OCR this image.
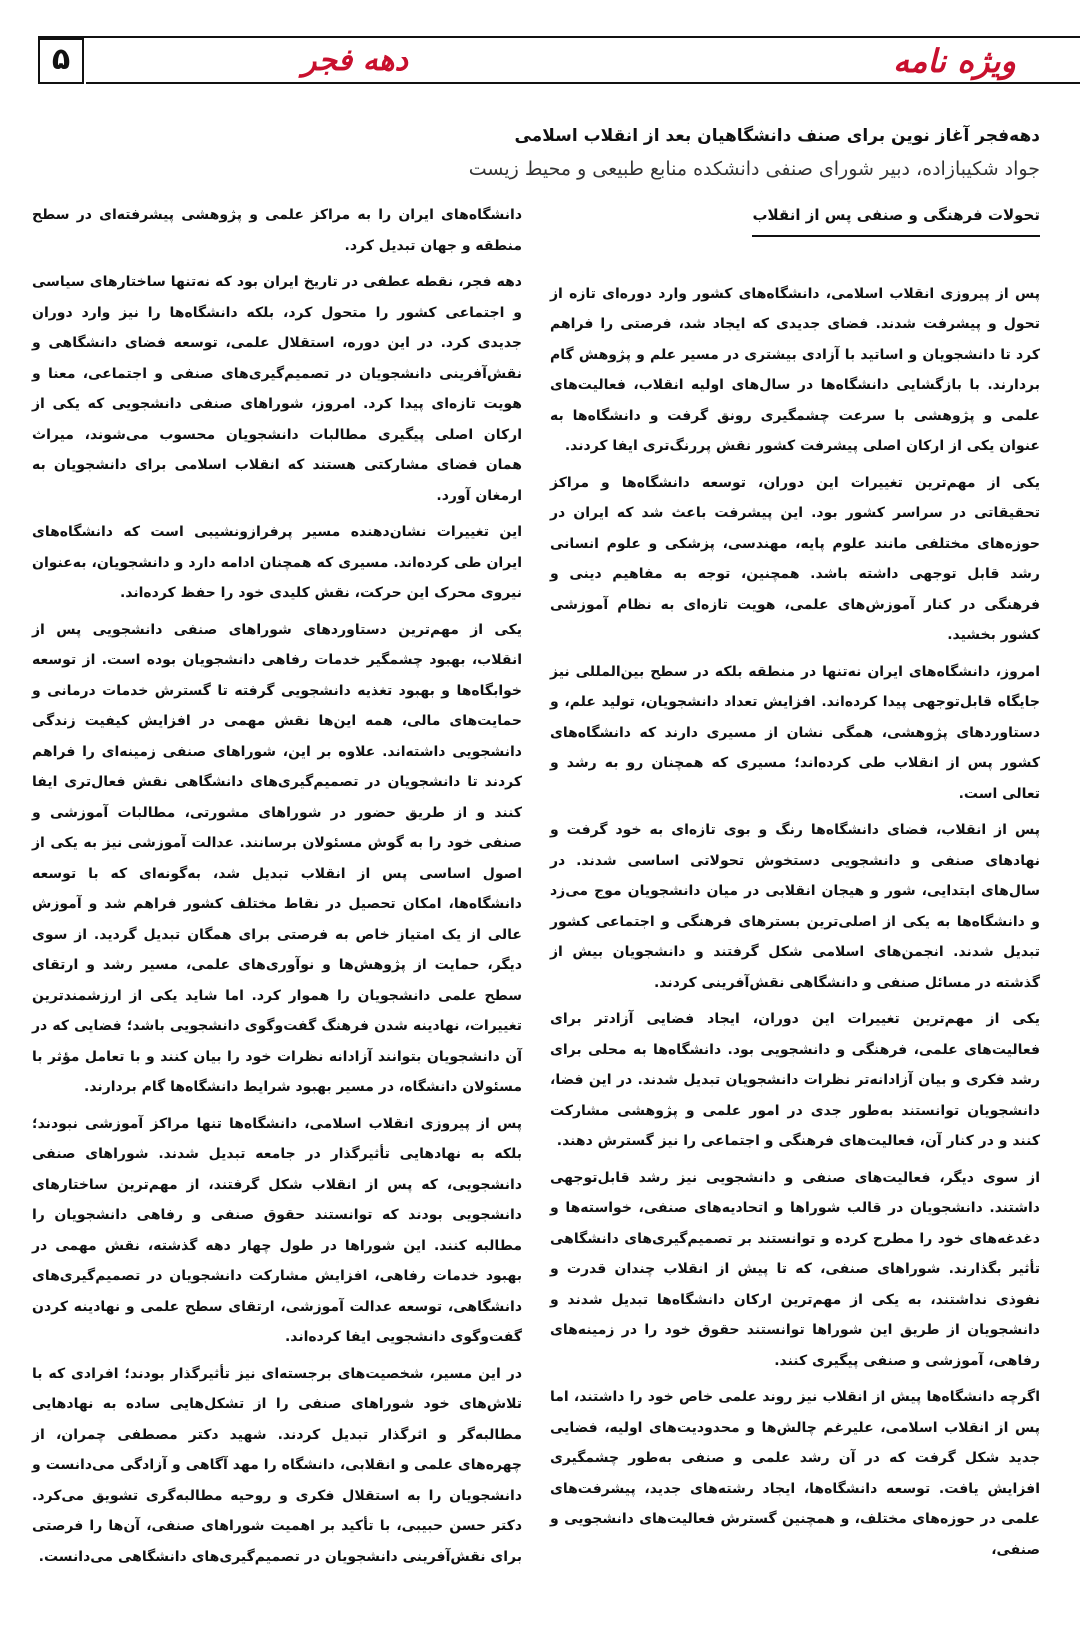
۵	دهه فجر	ویژه نامه
دهه‌فجر آغاز نوین برای صنف دانشگاهیان بعد از انقلاب اسلامی
جواد شکیبازاده، دبیر شورای صنفی دانشکده منابع طبیعی و محیط زیست
تحولات فرهنگی و صنفی پس از انقلاب

پس از پیروزی انقلاب اسلامی، دانشگاه‌های کشور وارد دوره‌ای تازه از تحول و پیشرفت شدند. فضای جدیدی که ایجاد شد، فرصتی را فراهم کرد تا دانشجویان و اساتید با آزادی بیشتری در مسیر علم و پژوهش گام بردارند. با بازگشایی دانشگاه‌ها در سال‌های اولیه انقلاب، فعالیت‌های علمی و پژوهشی با سرعت چشمگیری رونق گرفت و دانشگاه‌ها به عنوان یکی از ارکان اصلی پیشرفت کشور نقش پررنگ‌تری ایفا کردند.

یکی از مهم‌ترین تغییرات این دوران، توسعه دانشگاه‌ها و مراکز تحقیقاتی در سراسر کشور بود. این پیشرفت باعث شد که ایران در حوزه‌های مختلفی مانند علوم پایه، مهندسی، پزشکی و علوم انسانی رشد قابل توجهی داشته باشد. همچنین، توجه به مفاهیم دینی و فرهنگی در کنار آموزش‌های علمی، هویت تازه‌ای به نظام آموزشی کشور بخشید.

امروز، دانشگاه‌های ایران نه‌تنها در منطقه بلکه در سطح بین‌المللی نیز جایگاه قابل‌توجهی پیدا کرده‌اند. افزایش تعداد دانشجویان، تولید علم، و دستاوردهای پژوهشی، همگی نشان از مسیری دارند که دانشگاه‌های کشور پس از انقلاب طی کرده‌اند؛ مسیری که همچنان رو به رشد و تعالی است.

پس از انقلاب، فضای دانشگاه‌ها رنگ و بوی تازه‌ای به خود گرفت و نهادهای صنفی و دانشجویی دستخوش تحولاتی اساسی شدند. در سال‌های ابتدایی، شور و هیجان انقلابی در میان دانشجویان موج می‌زد و دانشگاه‌ها به یکی از اصلی‌ترین بسترهای فرهنگی و اجتماعی کشور تبدیل شدند. انجمن‌های اسلامی شکل گرفتند و دانشجویان بیش از گذشته در مسائل صنفی و دانشگاهی نقش‌آفرینی کردند.

یکی از مهم‌ترین تغییرات این دوران، ایجاد فضایی آزادتر برای فعالیت‌های علمی، فرهنگی و دانشجویی بود. دانشگاه‌ها به محلی برای رشد فکری و بیان آزادانه‌تر نظرات دانشجویان تبدیل شدند. در این فضا، دانشجویان توانستند به‌طور جدی در امور علمی و پژوهشی مشارکت کنند و در کنار آن، فعالیت‌های فرهنگی و اجتماعی را نیز گسترش دهند.

از سوی دیگر، فعالیت‌های صنفی و دانشجویی نیز رشد قابل‌توجهی داشتند. دانشجویان در قالب شوراها و اتحادیه‌های صنفی، خواسته‌ها و دغدغه‌های خود را مطرح کرده و توانستند بر تصمیم‌گیری‌های دانشگاهی تأثیر بگذارند. شوراهای صنفی، که تا پیش از انقلاب چندان قدرت و نفوذی نداشتند، به یکی از مهم‌ترین ارکان دانشگاه‌ها تبدیل شدند و دانشجویان از طریق این شوراها توانستند حقوق خود را در زمینه‌های رفاهی، آموزشی و صنفی پیگیری کنند.

اگرچه دانشگاه‌ها پیش از انقلاب نیز روند علمی خاص خود را داشتند، اما پس از انقلاب اسلامی، علیرغم چالش‌ها و محدودیت‌های اولیه، فضایی جدید شکل گرفت که در آن رشد علمی و صنفی به‌طور چشمگیری افزایش یافت. توسعه دانشگاه‌ها، ایجاد رشته‌های جدید، پیشرفت‌های علمی در حوزه‌های مختلف، و همچنین گسترش فعالیت‌های دانشجویی و صنفی،

دانشگاه‌های ایران را به مراکز علمی و پژوهشی پیشرفته‌ای در سطح منطقه و جهان تبدیل کرد.

دهه فجر، نقطه عطفی در تاریخ ایران بود که نه‌تنها ساختارهای سیاسی و اجتماعی کشور را متحول کرد، بلکه دانشگاه‌ها را نیز وارد دوران جدیدی کرد. در این دوره، استقلال علمی، توسعه فضای دانشگاهی و نقش‌آفرینی دانشجویان در تصمیم‌گیری‌های صنفی و اجتماعی، معنا و هویت تازه‌ای پیدا کرد. امروز، شوراهای صنفی دانشجویی که یکی از ارکان اصلی پیگیری مطالبات دانشجویان محسوب می‌شوند، میراث همان فضای مشارکتی هستند که انقلاب اسلامی برای دانشجویان به ارمغان آورد.

این تغییرات نشان‌دهنده مسیر پرفرازونشیبی است که دانشگاه‌های ایران طی کرده‌اند. مسیری که همچنان ادامه دارد و دانشجویان، به‌عنوان نیروی محرک این حرکت، نقش کلیدی خود را حفظ کرده‌اند.

یکی از مهم‌ترین دستاوردهای شوراهای صنفی دانشجویی پس از انقلاب، بهبود چشمگیر خدمات رفاهی دانشجویان بوده است. از توسعه خوابگاه‌ها و بهبود تغذیه دانشجویی گرفته تا گسترش خدمات درمانی و حمایت‌های مالی، همه این‌ها نقش مهمی در افزایش کیفیت زندگی دانشجویی داشته‌اند. علاوه بر این، شوراهای صنفی زمینه‌ای را فراهم کردند تا دانشجویان در تصمیم‌گیری‌های دانشگاهی نقش فعال‌تری ایفا کنند و از طریق حضور در شوراهای مشورتی، مطالبات آموزشی و صنفی خود را به گوش مسئولان برسانند. عدالت آموزشی نیز به یکی از اصول اساسی پس از انقلاب تبدیل شد، به‌گونه‌ای که با توسعه دانشگاه‌ها، امکان تحصیل در نقاط مختلف کشور فراهم شد و آموزش عالی از یک امتیاز خاص به فرصتی برای همگان تبدیل گردید. از سوی دیگر، حمایت از پژوهش‌ها و نوآوری‌های علمی، مسیر رشد و ارتقای سطح علمی دانشجویان را هموار کرد. اما شاید یکی از ارزشمندترین تغییرات، نهادینه شدن فرهنگ گفت‌وگوی دانشجویی باشد؛ فضایی که در آن دانشجویان بتوانند آزادانه نظرات خود را بیان کنند و با تعامل مؤثر با مسئولان دانشگاه، در مسیر بهبود شرایط دانشگاه‌ها گام بردارند.

پس از پیروزی انقلاب اسلامی، دانشگاه‌ها تنها مراکز آموزشی نبودند؛ بلکه به نهادهایی تأثیرگذار در جامعه تبدیل شدند. شوراهای صنفی دانشجویی، که پس از انقلاب شکل گرفتند، از مهم‌ترین ساختارهای دانشجویی بودند که توانستند حقوق صنفی و رفاهی دانشجویان را مطالبه کنند. این شوراها در طول چهار دهه گذشته، نقش مهمی در بهبود خدمات رفاهی، افزایش مشارکت دانشجویان در تصمیم‌گیری‌های دانشگاهی، توسعه عدالت آموزشی، ارتقای سطح علمی و نهادینه کردن گفت‌وگوی دانشجویی ایفا کرده‌اند.

در این مسیر، شخصیت‌های برجسته‌ای نیز تأثیرگذار بودند؛ افرادی که با تلاش‌های خود شوراهای صنفی را از تشکل‌هایی ساده به نهادهایی مطالبه‌گر و اثرگذار تبدیل کردند. شهید دکتر مصطفی چمران، از چهره‌های علمی و انقلابی، دانشگاه را مهد آگاهی و آزادگی می‌دانست و دانشجویان را به استقلال فکری و روحیه مطالبه‌گری تشویق می‌کرد. دکتر حسن حبیبی، با تأکید بر اهمیت شوراهای صنفی، آن‌ها را فرصتی برای نقش‌آفرینی دانشجویان در تصمیم‌گیری‌های دانشگاهی می‌دانست.
